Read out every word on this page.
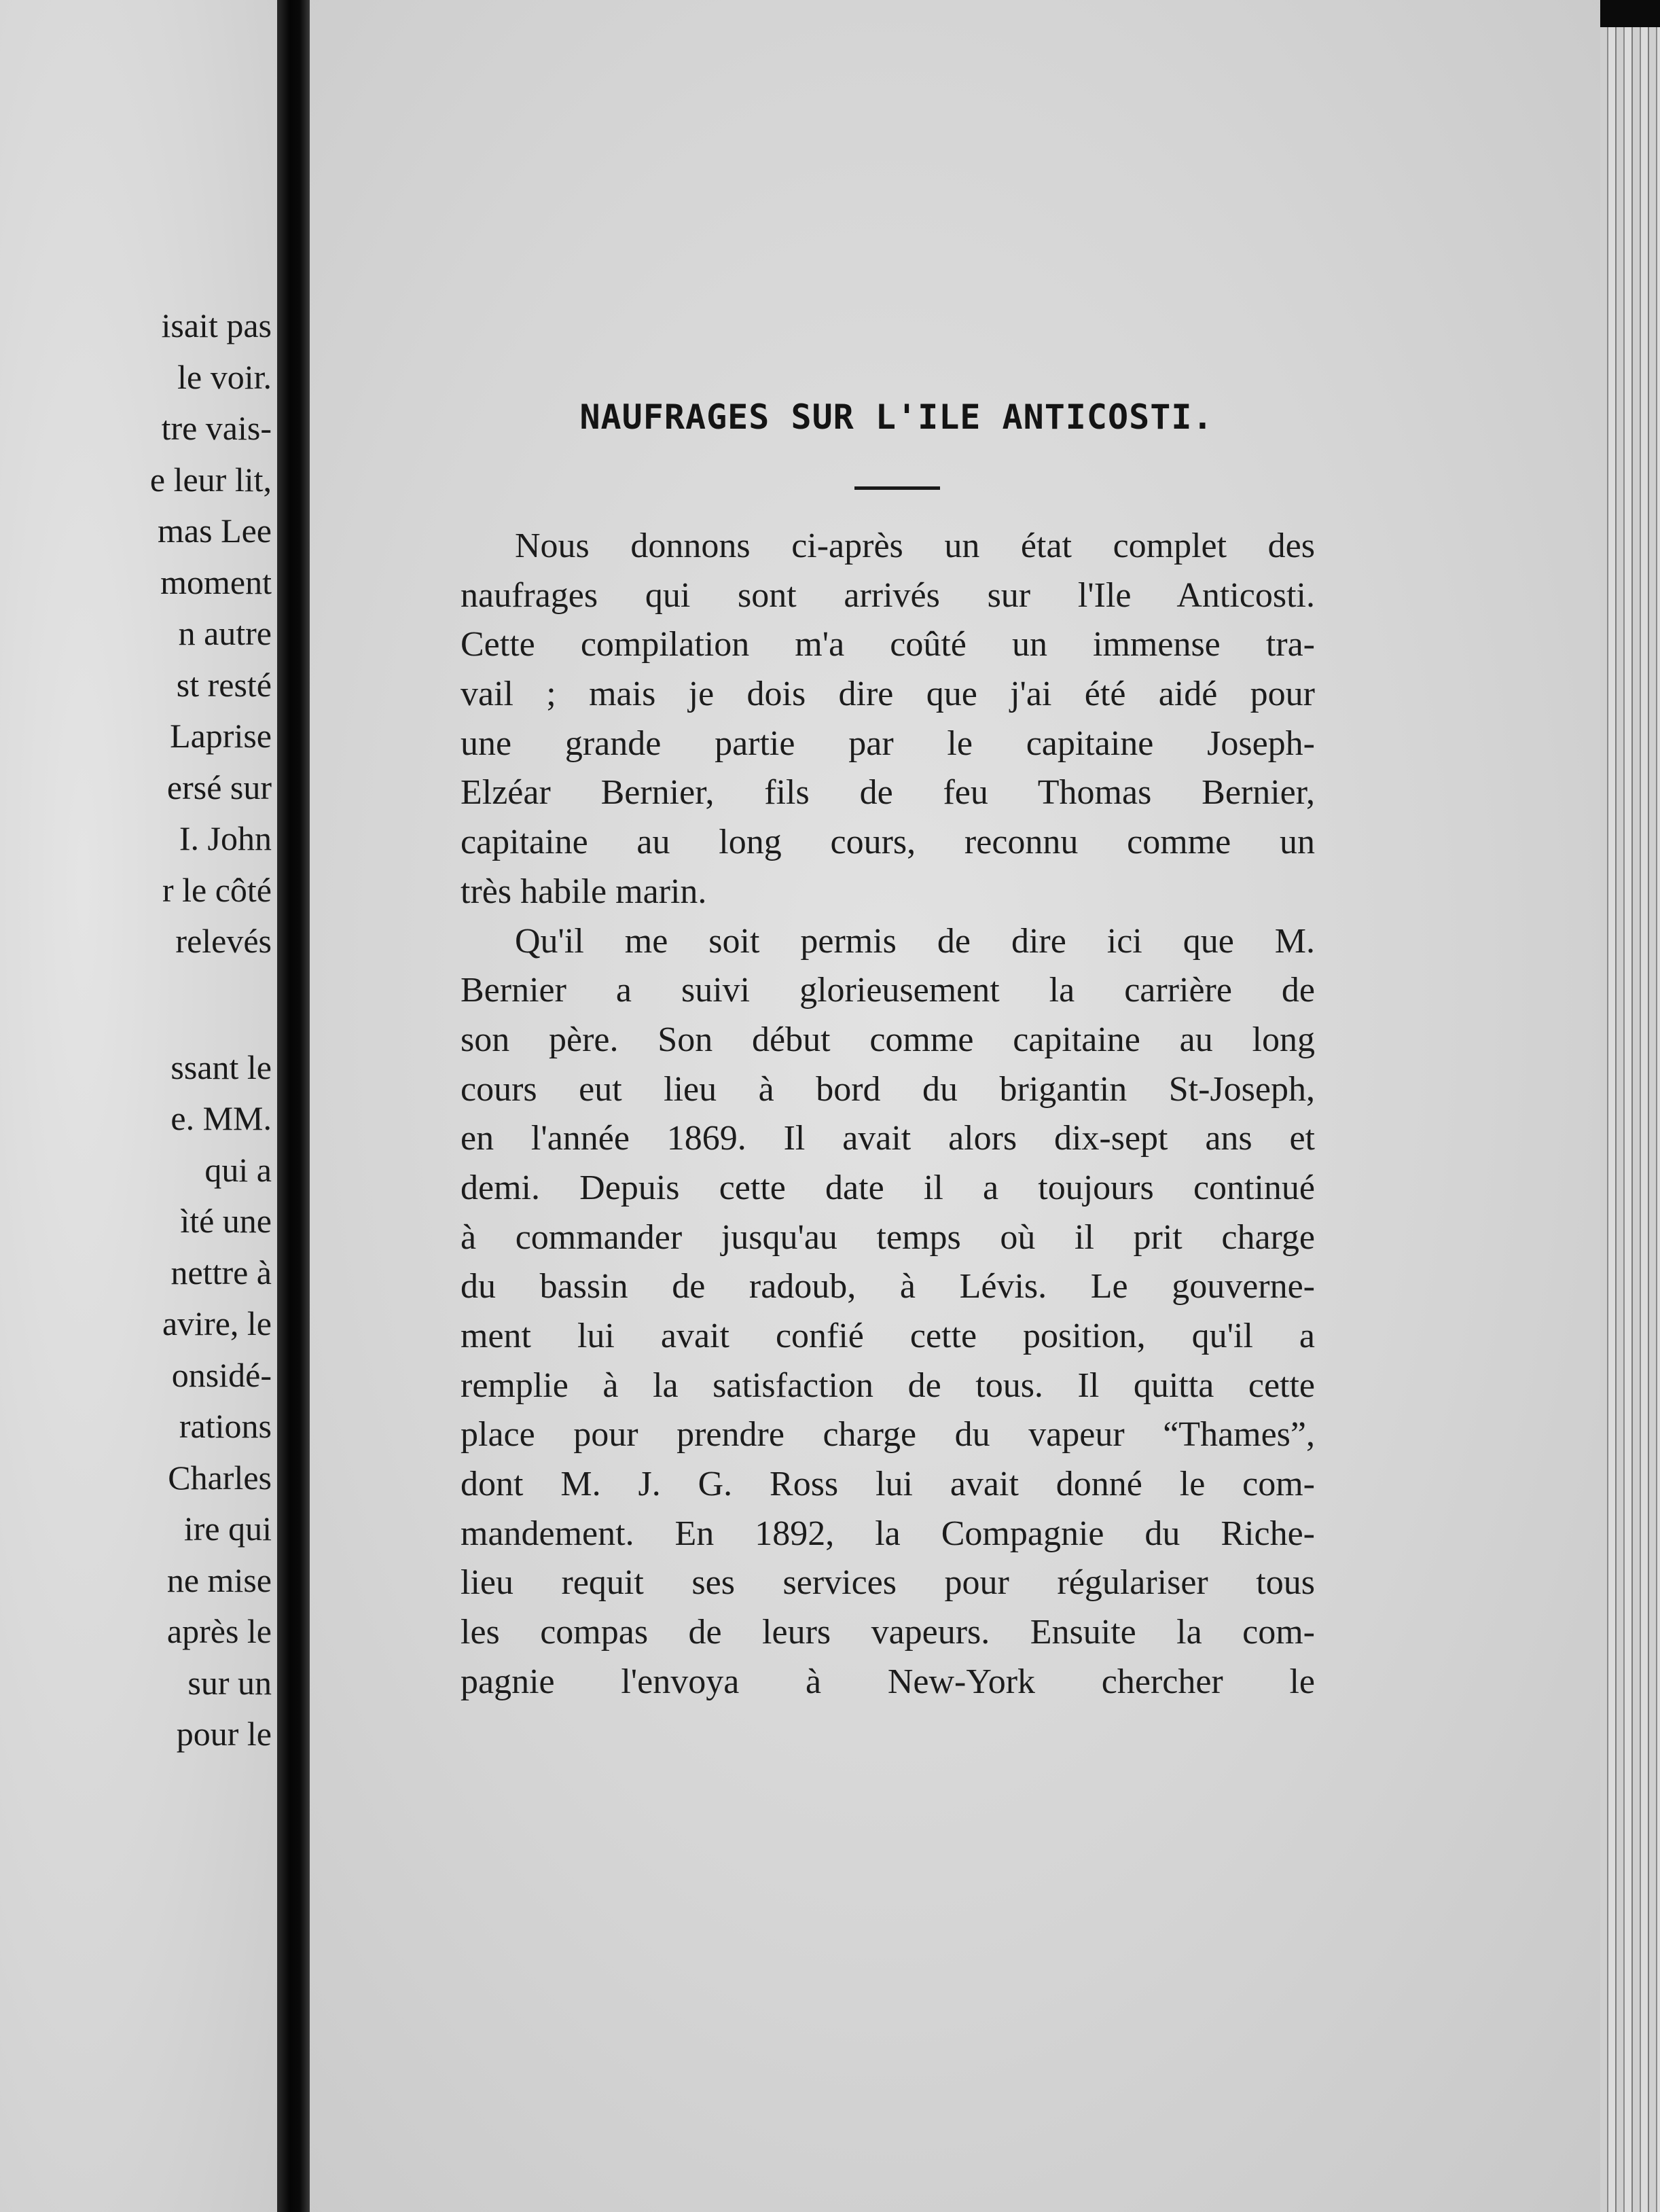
isait pas
le voir.
tre vais-
e leur lit,
mas Lee
moment
n autre
st resté
Laprise
ersé sur
I. John
r le côté
relevés
ssant le
e. MM.
qui a
ìté une
nettre à
avire, le
onsidé-
rations
Charles
ire qui
ne mise
après le
sur un
pour le
NAUFRAGES SUR L'ILE ANTICOSTI.
Nous donnons ci-après un état complet des
naufrages qui sont arrivés sur l'Ile Anticosti.
Cette compilation m'a coûté un immense tra-
vail ; mais je dois dire que j'ai été aidé pour
une grande partie par le capitaine Joseph-
Elzéar Bernier, fils de feu Thomas Bernier,
capitaine au long cours, reconnu comme un
très habile marin.
Qu'il me soit permis de dire ici que M.
Bernier a suivi glorieusement la carrière de
son père. Son début comme capitaine au long
cours eut lieu à bord du brigantin St-Joseph,
en l'année 1869. Il avait alors dix-sept ans et
demi. Depuis cette date il a toujours continué
à commander jusqu'au temps où il prit charge
du bassin de radoub, à Lévis. Le gouverne-
ment lui avait confié cette position, qu'il a
remplie à la satisfaction de tous. Il quitta cette
place pour prendre charge du vapeur “Thames”,
dont M. J. G. Ross lui avait donné le com-
mandement. En 1892, la Compagnie du Riche-
lieu requit ses services pour régulariser tous
les compas de leurs vapeurs. Ensuite la com-
pagnie l'envoya à New-York chercher le
